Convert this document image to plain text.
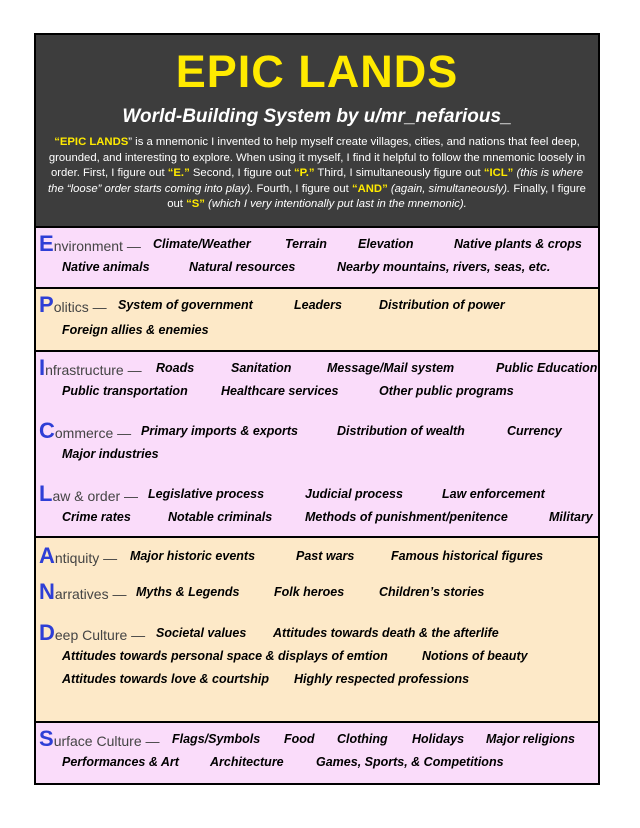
EPIC LANDS
World-Building System by u/mr_nefarious_
“EPIC LANDS” is a mnemonic I invented to help myself create villages, cities, and nations that feel deep, grounded, and interesting to explore. When using it myself, I find it helpful to follow the mnemonic loosely in order. First, I figure out “E.” Second, I figure out “P.” Third, I simultaneously figure out “ICL” (this is where the “loose” order starts coming into play). Fourth, I figure out “AND” (again, simultaneously). Finally, I figure out “S” (which I very intentionally put last in the mnemonic).
Environment — Climate/Weather	Terrain Elevation	Native plants & crops
Native animals	Natural resources	Nearby mountains, rivers, seas, etc.
Politics — System of government	Leaders	Distribution of power
Foreign allies & enemies
Infrastructure — Roads	Sanitation	Message/Mail system	Public Education
Public transportation	Healthcare services	Other public programs
Commerce — Primary imports & exports	Distribution of wealth	Currency
Major industries
Law & order — Legislative process	Judicial process	Law enforcement
Crime rates	Notable criminals	Methods of punishment/penitence	Military
Antiquity — Major historic events	Past wars	Famous historical figures
Narratives — Myths & Legends	Folk heroes	Children’s stories
Deep Culture — Societal values Attitudes towards death & the afterlife
Attitudes towards personal space & displays of emtion	Notions of beauty
Attitudes towards love & courtship Highly respected professions
Surface Culture — Flags/Symbols Food Clothing Holidays Major religions
Performances & Art Architecture	Games, Sports, & Competitions
